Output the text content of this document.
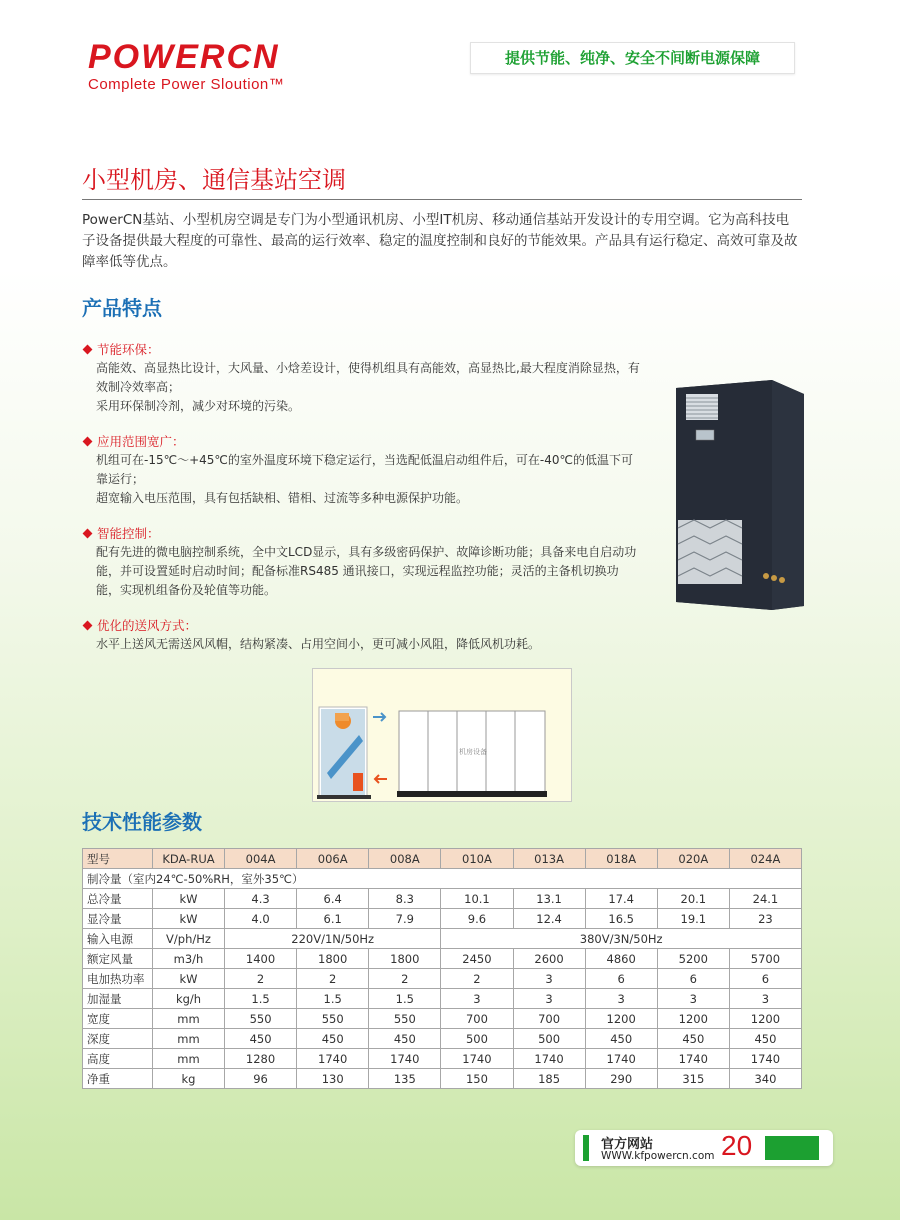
POWERCN
Complete Power Sloution™
提供节能、纯净、安全不间断电源保障
小型机房、通信基站空调
PowerCN基站、小型机房空调是专门为小型通讯机房、小型IT机房、移动通信基站开发设计的专用空调。它为高科技电子设备提供最大程度的可靠性、最高的运行效率、稳定的温度控制和良好的节能效果。产品具有运行稳定、高效可靠及故障率低等优点。
产品特点
节能环保：
高能效、高显热比设计，大风量、小焓差设计，使得机组具有高能效，高显热比,最大程度消除显热，有效制冷效率高；
采用环保制冷剂，减少对环境的污染。
应用范围宽广：
机组可在-15℃～+45℃的室外温度环境下稳定运行，当选配低温启动组件后，可在-40℃的低温下可靠运行；
超宽输入电压范围，具有包括缺相、错相、过流等多种电源保护功能。
智能控制：
配有先进的微电脑控制系统，全中文LCD显示，具有多级密码保护、故障诊断功能；具备来电自启动功能，并可设置延时启动时间；配备标准RS485 通讯接口，实现远程监控功能；灵活的主备机切换功能，实现机组备份及轮值等功能。
优化的送风方式：
水平上送风无需送风风帽，结构紧凑、占用空间小，更可减小风阻，降低风机功耗。
机房设备
技术性能参数
型号	KDA-RUA	004A	006A	008A	010A	013A	018A	020A	024A
制冷量（室内24℃-50%RH，室外35℃）									
总冷量	kW	4.3	6.4	8.3	10.1	13.1	17.4	20.1	24.1
显冷量	kW	4.0	6.1	7.9	9.6	12.4	16.5	19.1	23
输入电源	V/ph/Hz	220V/1N/50Hz			380V/3N/50Hz				
额定风量	m3/h	1400	1800	1800	2450	2600	4860	5200	5700
电加热功率	kW	2	2	2	2	3	6	6	6
加湿量	kg/h	1.5	1.5	1.5	3	3	3	3	3
宽度	mm	550	550	550	700	700	1200	1200	1200
深度	mm	450	450	450	500	500	450	450	450
高度	mm	1280	1740	1740	1740	1740	1740	1740	1740
净重	kg	96	130	135	150	185	290	315	340
官方网站
WWW.kfpowercn.com 20
